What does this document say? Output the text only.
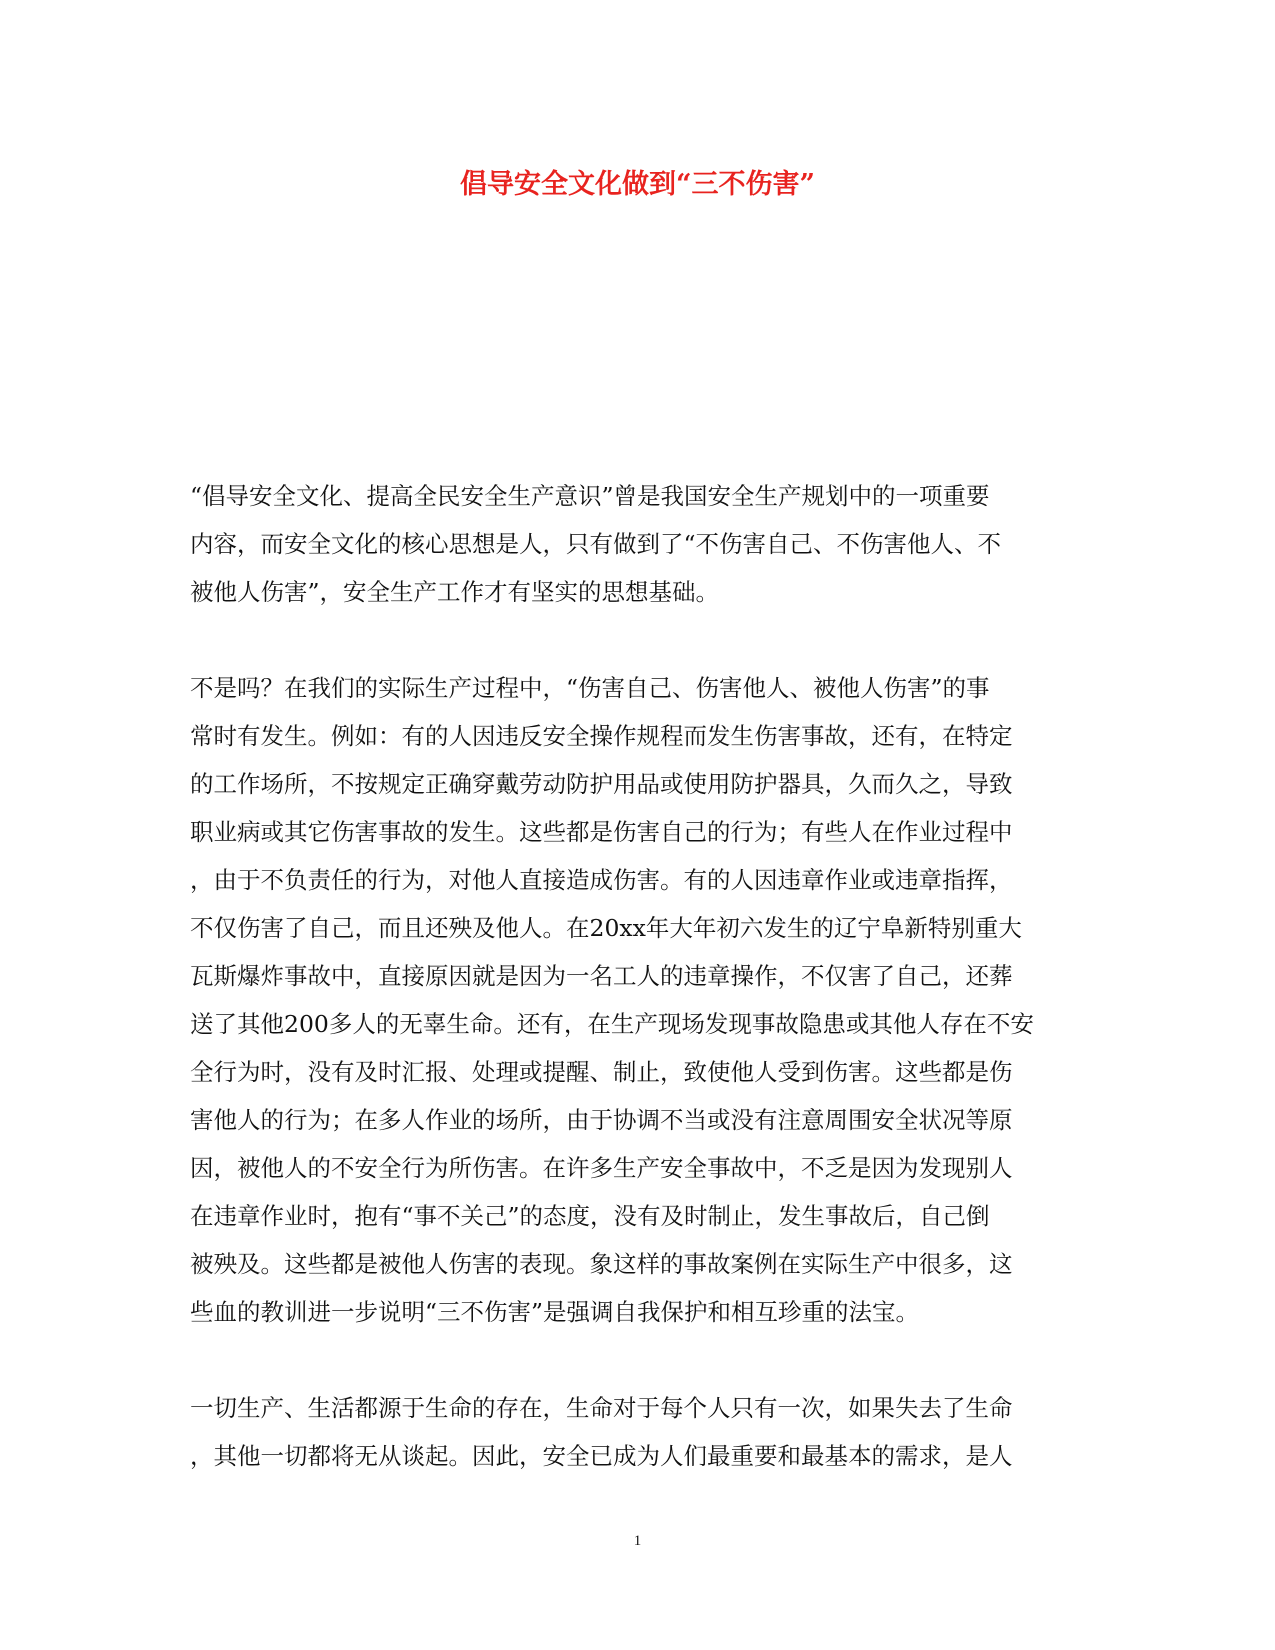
倡导安全文化做到“三不伤害”

“倡导安全文化、提高全民安全生产意识”曾是我国安全生产规划中的一项重要
内容，而安全文化的核心思想是人，只有做到了“不伤害自己、不伤害他人、不
被他人伤害”，安全生产工作才有坚实的思想基础。

不是吗？在我们的实际生产过程中，“伤害自己、伤害他人、被他人伤害”的事
常时有发生。例如：有的人因违反安全操作规程而发生伤害事故，还有，在特定
的工作场所，不按规定正确穿戴劳动防护用品或使用防护器具，久而久之，导致
职业病或其它伤害事故的发生。这些都是伤害自己的行为；有些人在作业过程中
，由于不负责任的行为，对他人直接造成伤害。有的人因违章作业或违章指挥，
不仅伤害了自己，而且还殃及他人。在20xx年大年初六发生的辽宁阜新特别重大
瓦斯爆炸事故中，直接原因就是因为一名工人的违章操作，不仅害了自己，还葬
送了其他200多人的无辜生命。还有，在生产现场发现事故隐患或其他人存在不安
全行为时，没有及时汇报、处理或提醒、制止，致使他人受到伤害。这些都是伤
害他人的行为；在多人作业的场所，由于协调不当或没有注意周围安全状况等原
因，被他人的不安全行为所伤害。在许多生产安全事故中，不乏是因为发现别人
在违章作业时，抱有“事不关己”的态度，没有及时制止，发生事故后，自己倒
被殃及。这些都是被他人伤害的表现。象这样的事故案例在实际生产中很多，这
些血的教训进一步说明“三不伤害”是强调自我保护和相互珍重的法宝。

一切生产、生活都源于生命的存在，生命对于每个人只有一次，如果失去了生命
，其他一切都将无从谈起。因此，安全已成为人们最重要和最基本的需求，是人

1
